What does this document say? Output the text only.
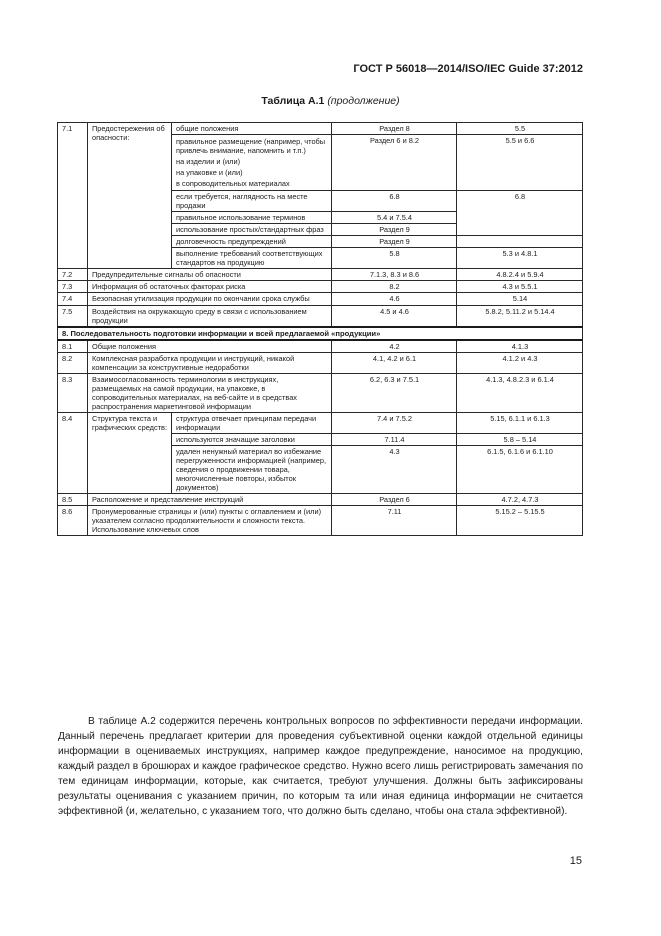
ГОСТ Р 56018—2014/ISO/IEC Guide 37:2012
Таблица А.1 (продолжение)
7.1	Предостережения об опасности:	общие положения	Раздел 8	5.5

		правильное размещение (например, чтобы привлечь внимание, напомнить и т.п.)
на изделии и (или)
на упаковке и (или)
в сопроводительных материалах	Раздел 6 и 8.2	5.5 и 6.6
		если требуется, наглядность на месте продажи	6.8	6.8
		правильное использование терминов	5.4 и 7.5.4	
		использование простых/стандартных фраз	Раздел 9	
		долговечность предупреждений	Раздел 9	
		выполнение требований соответствующих стандартов на продукцию	5.8	5.3 и 4.8.1
7.2	Предупредительные сигналы об опасности		7.1.3, 8.3 и 8.6	4.8.2.4 и 5.9.4
7.3	Информация об остаточных факторах риска		8.2	4.3 и 5.5.1
7.4	Безопасная утилизация продукции по окончании срока службы		4.6	5.14
7.5	Воздействия на окружающую среду в связи с использованием продукции		4.5 и 4.6	5.8.2, 5.11.2 и 5.14.4
8. Последовательность подготовки информации и всей предлагаемой «продукции»				
8.1	Общие положения		4.2	4.1.3
8.2	Комплексная разработка продукции и инструкций, никакой компенсации за конструктивные недоработки		4.1, 4.2 и 6.1	4.1.2 и 4.3
8.3	Взаимосогласованность терминологии в инструкциях, размещаемых на самой продукции, на упаковке, в сопроводительных материалах, на веб-сайте и в средствах распространения маркетинговой информации		6.2, 6.3 и 7.5.1	4.1.3, 4.8.2.3 и 6.1.4
8.4	Структура текста и графических средств:	структура отвечает принципам передачи информации	7.4 и 7.5.2	5.15, 6.1.1 и 6.1.3
		используются значащие заголовки	7.11.4	5.8 – 5.14
		удален ненужный материал во избежание перегруженности информацией (например, сведения о продвижении товара, многочисленные повторы, избыток документов)	4.3	6.1.5, 6.1.6 и 6.1.10
8.5	Расположение и представление инструкций		Раздел 6	4.7.2, 4.7.3
8.6	Пронумерованные страницы и (или) пункты с оглавлением и (или) указателем согласно продолжительности и сложности текста. Использование ключевых слов		7.11	5.15.2 – 5.15.5
В таблице А.2 содержится перечень контрольных вопросов по эффективности передачи информации. Данный перечень предлагает критерии для проведения субъективной оценки каждой отдельной единицы информации в оцениваемых инструкциях, например каждое предупреждение, наносимое на продукцию, каждый раздел в брошюрах и каждое графическое средство. Нужно всего лишь регистрировать замечания по тем единицам информации, которые, как считается, требуют улучшения. Должны быть зафиксированы результаты оценивания с указанием причин, по которым та или иная единица информации не считается эффективной (и, желательно, с указанием того, что должно быть сделано, чтобы она стала эффективной).
15
